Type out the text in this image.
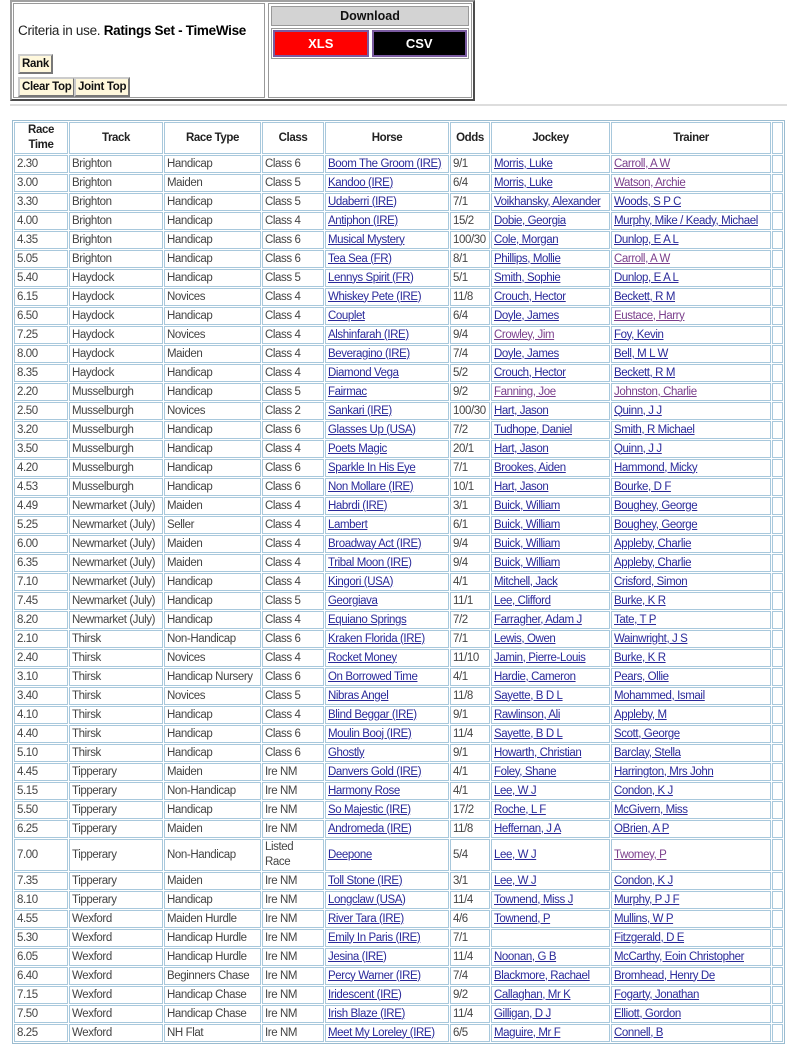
Criteria in use. Ratings Set - TimeWise
Rank
Clear Top Joint Top
Download
XLS	CSV
Race Time	Track	Race Type	Class	Horse	Odds	Jockey	Trainer	
2.30	Brighton	Handicap	Class 6	Boom The Groom (IRE)	9/1	Morris, Luke	Carroll, A W	
3.00	Brighton	Maiden	Class 5	Kandoo (IRE)	6/4	Morris, Luke	Watson, Archie	
3.30	Brighton	Handicap	Class 5	Udaberri (IRE)	7/1	Voikhansky, Alexander	Woods, S P C	
4.00	Brighton	Handicap	Class 4	Antiphon (IRE)	15/2	Dobie, Georgia	Murphy, Mike / Keady, Michael	
4.35	Brighton	Handicap	Class 6	Musical Mystery	100/30	Cole, Morgan	Dunlop, E A L	
5.05	Brighton	Handicap	Class 6	Tea Sea (FR)	8/1	Phillips, Mollie	Carroll, A W	
5.40	Haydock	Handicap	Class 5	Lennys Spirit (FR)	5/1	Smith, Sophie	Dunlop, E A L	
6.15	Haydock	Novices	Class 4	Whiskey Pete (IRE)	11/8	Crouch, Hector	Beckett, R M	
6.50	Haydock	Handicap	Class 4	Couplet	6/4	Doyle, James	Eustace, Harry	
7.25	Haydock	Novices	Class 4	Alshinfarah (IRE)	9/4	Crowley, Jim	Foy, Kevin	
8.00	Haydock	Maiden	Class 4	Beveragino (IRE)	7/4	Doyle, James	Bell, M L W	
8.35	Haydock	Handicap	Class 4	Diamond Vega	5/2	Crouch, Hector	Beckett, R M	
2.20	Musselburgh	Handicap	Class 5	Fairmac	9/2	Fanning, Joe	Johnston, Charlie	
2.50	Musselburgh	Novices	Class 2	Sankari (IRE)	100/30	Hart, Jason	Quinn, J J	
3.20	Musselburgh	Handicap	Class 6	Glasses Up (USA)	7/2	Tudhope, Daniel	Smith, R Michael	
3.50	Musselburgh	Handicap	Class 4	Poets Magic	20/1	Hart, Jason	Quinn, J J	
4.20	Musselburgh	Handicap	Class 6	Sparkle In His Eye	7/1	Brookes, Aiden	Hammond, Micky	
4.53	Musselburgh	Handicap	Class 6	Non Mollare (IRE)	10/1	Hart, Jason	Bourke, D F	
4.49	Newmarket (July)	Maiden	Class 4	Habrdi (IRE)	3/1	Buick, William	Boughey, George	
5.25	Newmarket (July)	Seller	Class 4	Lambert	6/1	Buick, William	Boughey, George	
6.00	Newmarket (July)	Maiden	Class 4	Broadway Act (IRE)	9/4	Buick, William	Appleby, Charlie	
6.35	Newmarket (July)	Maiden	Class 4	Tribal Moon (IRE)	9/4	Buick, William	Appleby, Charlie	
7.10	Newmarket (July)	Handicap	Class 4	Kingori (USA)	4/1	Mitchell, Jack	Crisford, Simon	
7.45	Newmarket (July)	Handicap	Class 5	Georgiava	11/1	Lee, Clifford	Burke, K R	
8.20	Newmarket (July)	Handicap	Class 4	Equiano Springs	7/2	Farragher, Adam J	Tate, T P	
2.10	Thirsk	Non-Handicap	Class 6	Kraken Florida (IRE)	7/1	Lewis, Owen	Wainwright, J S	
2.40	Thirsk	Novices	Class 4	Rocket Money	11/10	Jamin, Pierre-Louis	Burke, K R	
3.10	Thirsk	Handicap Nursery	Class 6	On Borrowed Time	4/1	Hardie, Cameron	Pears, Ollie	
3.40	Thirsk	Novices	Class 5	Nibras Angel	11/8	Sayette, B D L	Mohammed, Ismail	
4.10	Thirsk	Handicap	Class 4	Blind Beggar (IRE)	9/1	Rawlinson, Ali	Appleby, M	
4.40	Thirsk	Handicap	Class 6	Moulin Booj (IRE)	11/4	Sayette, B D L	Scott, George	
5.10	Thirsk	Handicap	Class 6	Ghostly	9/1	Howarth, Christian	Barclay, Stella	
4.45	Tipperary	Maiden	Ire NM	Danvers Gold (IRE)	4/1	Foley, Shane	Harrington, Mrs John	
5.15	Tipperary	Non-Handicap	Ire NM	Harmony Rose	4/1	Lee, W J	Condon, K J	
5.50	Tipperary	Handicap	Ire NM	So Majestic (IRE)	17/2	Roche, L F	McGivern, Miss	
6.25	Tipperary	Maiden	Ire NM	Andromeda (IRE)	11/8	Heffernan, J A	OBrien, A P	
7.00	Tipperary	Non-Handicap	Listed Race	Deepone	5/4	Lee, W J	Twomey, P	
7.35	Tipperary	Maiden	Ire NM	Toll Stone (IRE)	3/1	Lee, W J	Condon, K J	
8.10	Tipperary	Handicap	Ire NM	Longclaw (USA)	11/4	Townend, Miss J	Murphy, P J F	
4.55	Wexford	Maiden Hurdle	Ire NM	River Tara (IRE)	4/6	Townend, P	Mullins, W P	
5.30	Wexford	Handicap Hurdle	Ire NM	Emily In Paris (IRE)	7/1		Fitzgerald, D E	
6.05	Wexford	Handicap Hurdle	Ire NM	Jesina (IRE)	11/4	Noonan, G B	McCarthy, Eoin Christopher	
6.40	Wexford	Beginners Chase	Ire NM	Percy Warner (IRE)	7/4	Blackmore, Rachael	Bromhead, Henry De	
7.15	Wexford	Handicap Chase	Ire NM	Iridescent (IRE)	9/2	Callaghan, Mr K	Fogarty, Jonathan	
7.50	Wexford	Handicap Chase	Ire NM	Irish Blaze (IRE)	11/4	Gilligan, D J	Elliott, Gordon	
8.25	Wexford	NH Flat	Ire NM	Meet My Loreley (IRE)	6/5	Maguire, Mr F	Connell, B	
